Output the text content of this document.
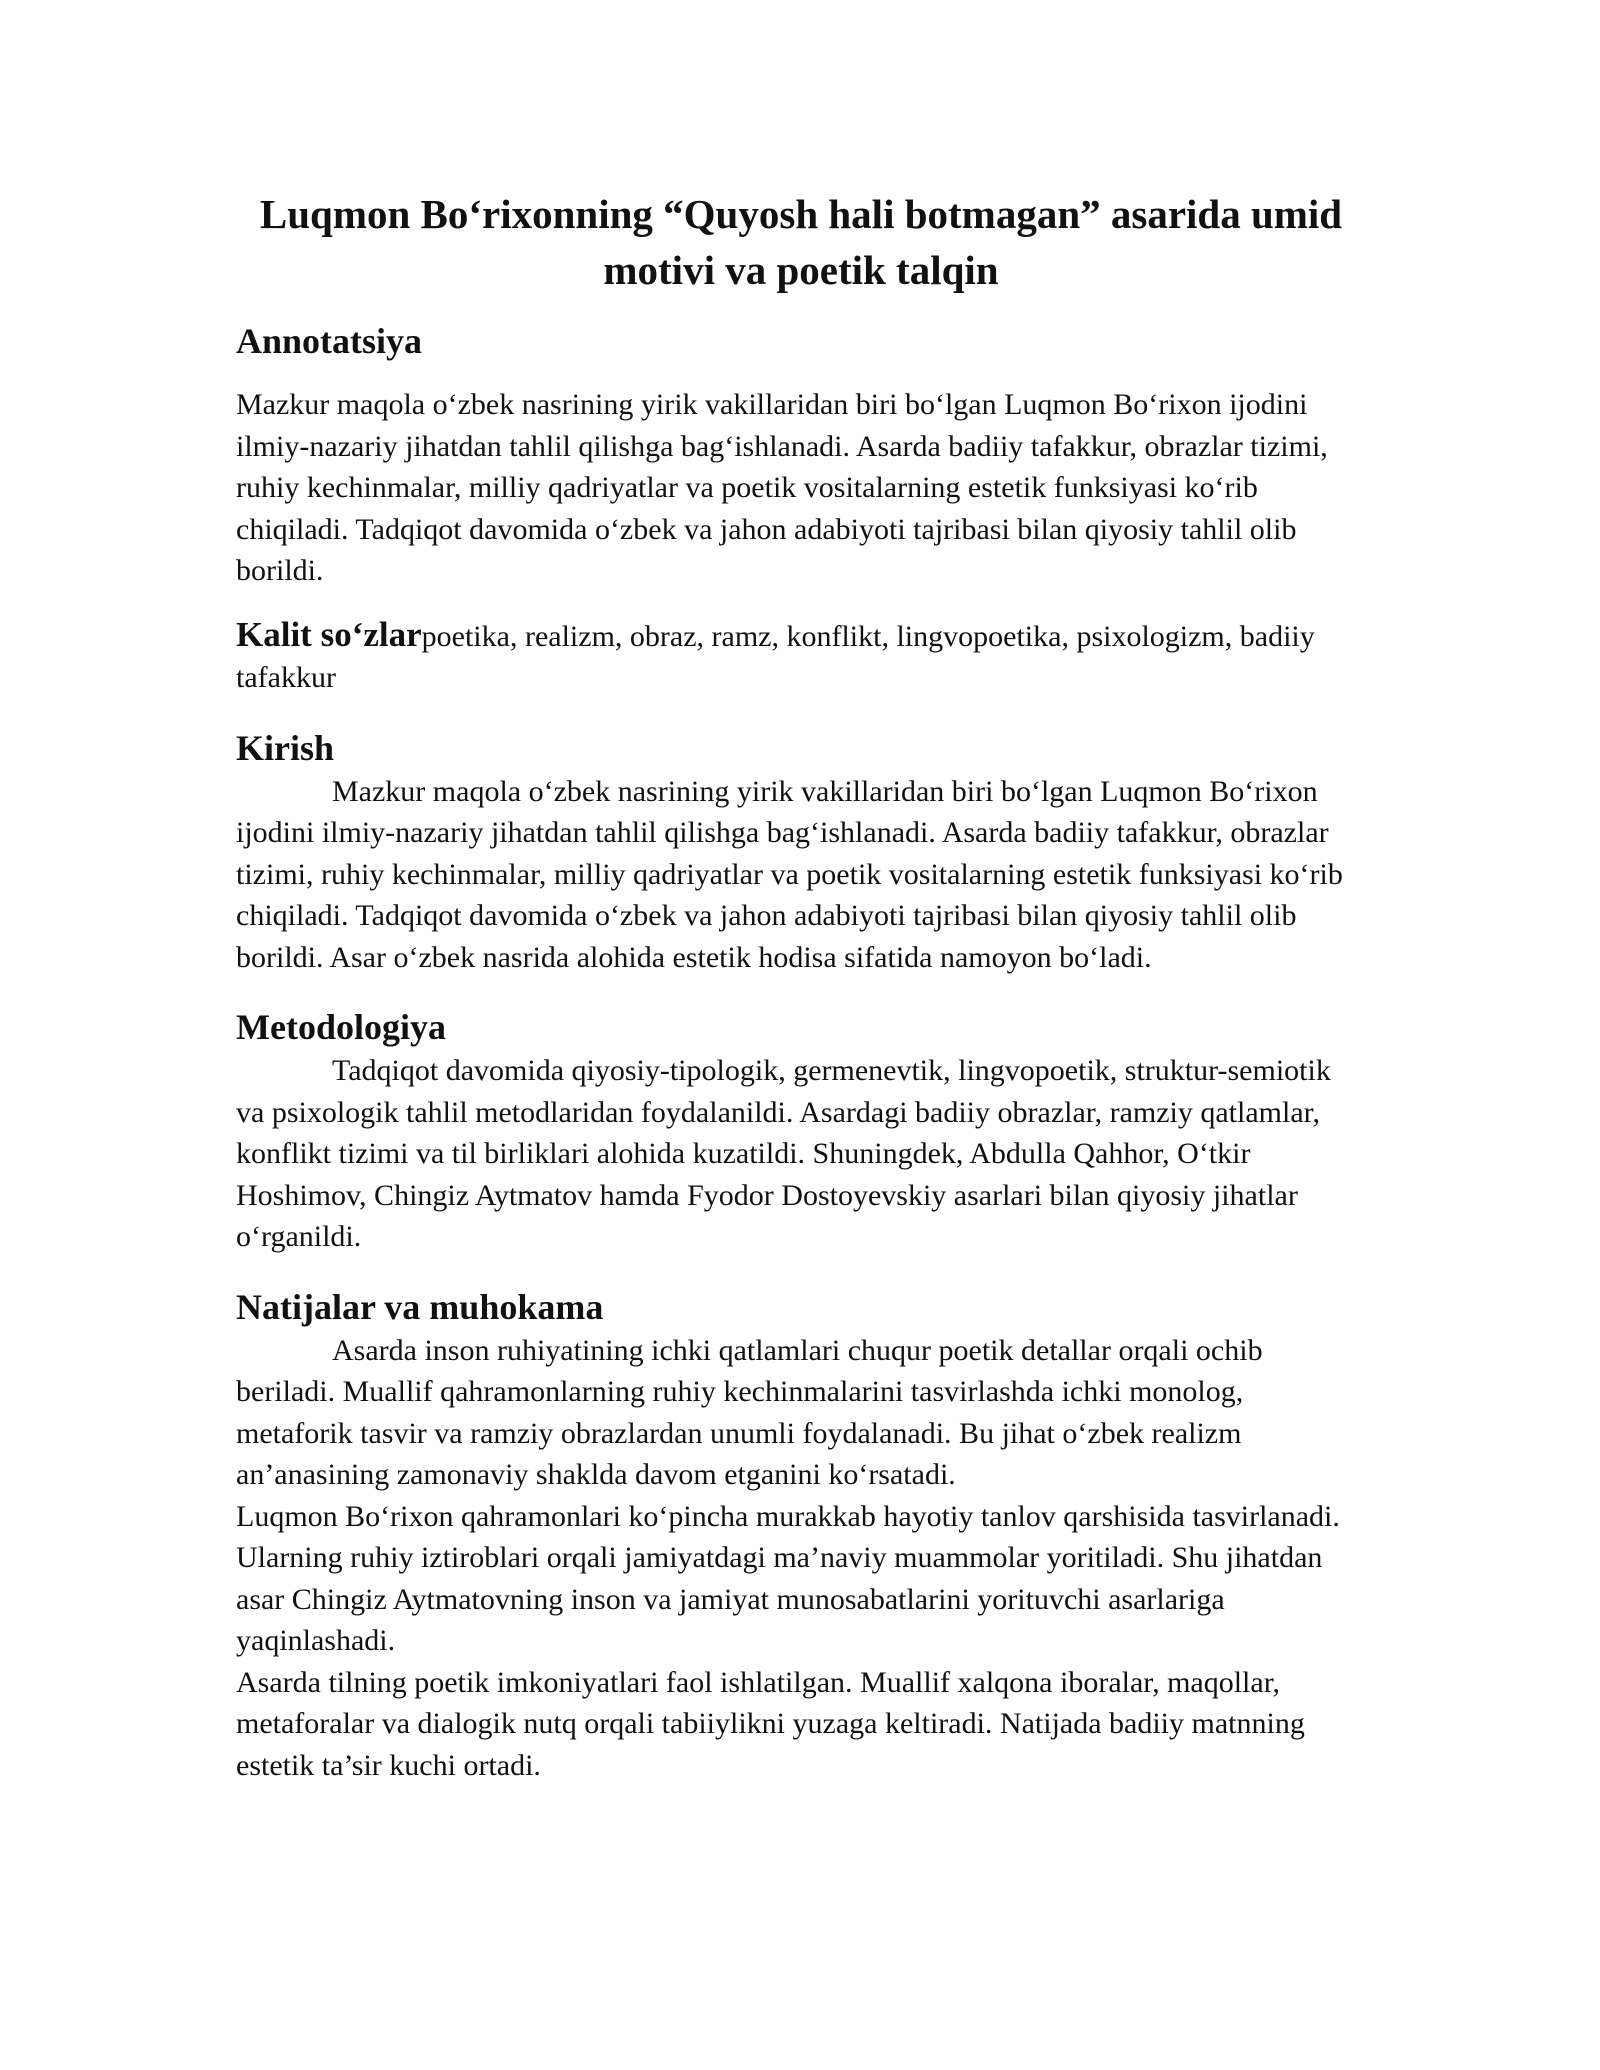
Luqmon Bo‘rixonning “Quyosh hali botmagan” asarida umid motivi va poetik talqin
Annotatsiya

Mazkur maqola o‘zbek nasrining yirik vakillaridan biri bo‘lgan Luqmon Bo‘rixon ijodini ilmiy-nazariy jihatdan tahlil qilishga bag‘ishlanadi. Asarda badiiy tafakkur, obrazlar tizimi, ruhiy kechinmalar, milliy qadriyatlar va poetik vositalarning estetik funksiyasi ko‘rib chiqiladi. Tadqiqot davomida o‘zbek va jahon adabiyoti tajribasi bilan qiyosiy tahlil olib borildi.

Kalit so‘zlarpoetika, realizm, obraz, ramz, konflikt, lingvopoetika, psixologizm, badiiy tafakkur

Kirish

Mazkur maqola o‘zbek nasrining yirik vakillaridan biri bo‘lgan Luqmon Bo‘rixon ijodini ilmiy-nazariy jihatdan tahlil qilishga bag‘ishlanadi. Asarda badiiy tafakkur, obrazlar tizimi, ruhiy kechinmalar, milliy qadriyatlar va poetik vositalarning estetik funksiyasi ko‘rib chiqiladi. Tadqiqot davomida o‘zbek va jahon adabiyoti tajribasi bilan qiyosiy tahlil olib borildi. Asar o‘zbek nasrida alohida estetik hodisa sifatida namoyon bo‘ladi.

Metodologiya

Tadqiqot davomida qiyosiy-tipologik, germenevtik, lingvopoetik, struktur-semiotik va psixologik tahlil metodlaridan foydalanildi. Asardagi badiiy obrazlar, ramziy qatlamlar, konflikt tizimi va til birliklari alohida kuzatildi. Shuningdek, Abdulla Qahhor, O‘tkir Hoshimov, Chingiz Aytmatov hamda Fyodor Dostoyevskiy asarlari bilan qiyosiy jihatlar o‘rganildi.

Natijalar va muhokama

Asarda inson ruhiyatining ichki qatlamlari chuqur poetik detallar orqali ochib beriladi. Muallif qahramonlarning ruhiy kechinmalarini tasvirlashda ichki monolog, metaforik tasvir va ramziy obrazlardan unumli foydalanadi. Bu jihat o‘zbek realizm an’anasining zamonaviy shaklda davom etganini ko‘rsatadi.

Luqmon Bo‘rixon qahramonlari ko‘pincha murakkab hayotiy tanlov qarshisida tasvirlanadi. Ularning ruhiy iztiroblari orqali jamiyatdagi ma’naviy muammolar yoritiladi. Shu jihatdan asar Chingiz Aytmatovning inson va jamiyat munosabatlarini yorituvchi asarlariga yaqinlashadi.

Asarda tilning poetik imkoniyatlari faol ishlatilgan. Muallif xalqona iboralar, maqollar, metaforalar va dialogik nutq orqali tabiiylikni yuzaga keltiradi. Natijada badiiy matnning estetik ta’sir kuchi ortadi.
